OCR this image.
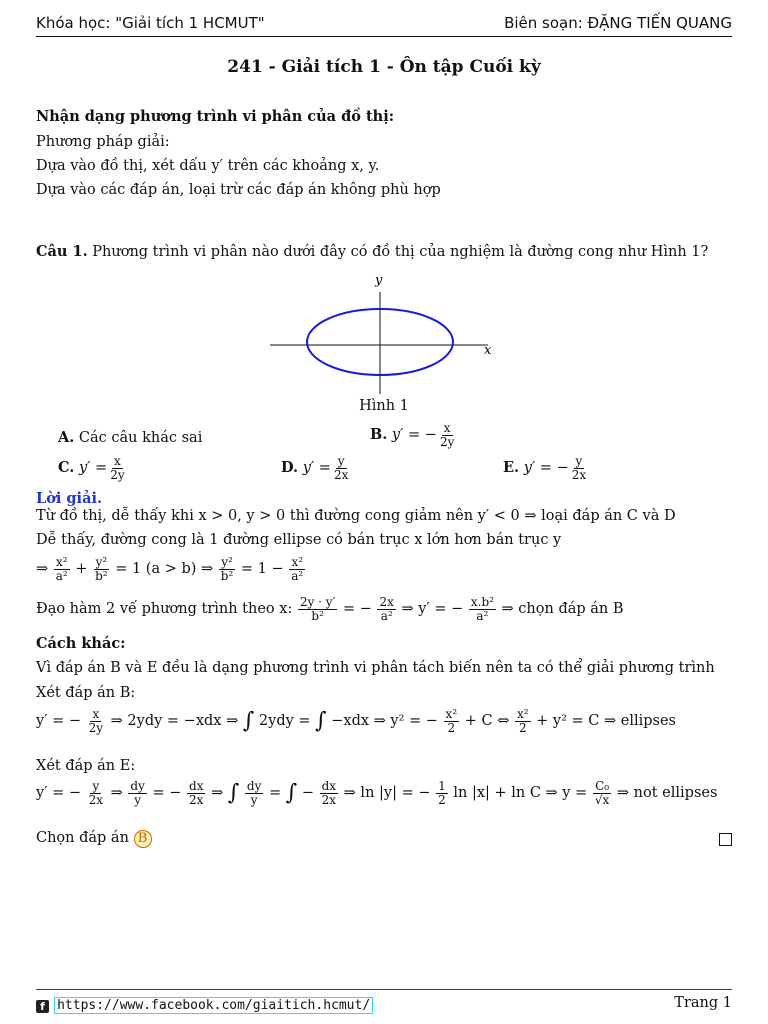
Khóa học: "Giải tích 1 HCMUT"	Biên soạn: ĐẶNG TIẾN QUANG
241 - Giải tích 1 - Ôn tập Cuối kỳ
Nhận dạng phương trình vi phân của đồ thị:
Phương pháp giải:
Dựa vào đồ thị, xét dấu y′ trên các khoảng x, y.
Dựa vào các đáp án, loại trừ các đáp án không phù hợp
Câu 1. Phương trình vi phân nào dưới đây có đồ thị của nghiệm là đường cong như Hình 1?
x
y
Hình 1
A. Các câu khác sai	B. y′ = − $\frac{x}{2y}$
C. $y' = \frac{x}{2y}$	D. $y' = \frac{y}{2x}$	E. y′ = − $\frac{y}{2x}$
Lời giải.
Từ đồ thị, dễ thấy khi x > 0, y > 0 thì đường cong giảm nên y′ < 0 ⇒ loại đáp án C và D
Dễ thấy, đường cong là 1 đường ellipse có bán trục x lớn hơn bán trục y
⇒ $\frac{\text{x²}}{\text{a²}} + \frac{\text{y²}}{\text{b²}} = 1$ (a > b) ⇒ $\frac{\text{y²}}{\text{b²}} = 1 - \frac{\text{x²}}{\text{a²}}$
Đạo hàm 2 vế phương trình theo x: $\frac{2y \cdot y'}{\text{b²}}$ = − $\frac{2x}{\text{a²}}$ ⇒ y′ = − $\frac{\text{x.b²}}{\text{a²}}$ ⇒ chọn đáp án B
Cách khác:
Vì đáp án B và E đều là dạng phương trình vi phân tách biến nên ta có thể giải phương trình
Xét đáp án B:
y′ = − $\frac{x}{2y}$ ⇒ 2ydy = −xdx ⇒ ∫ 2ydy = ∫ −xdx ⇒ y² = − $\frac{\text{x²}}{2} + C$ ⇔ $\frac{\text{x²}}{2} + y^2 = C$ ⇒ ellipses
Xét đáp án E:
y′ = − $\frac{y}{2x}$ ⇒ $\frac{dy}{y}$ = − $\frac{dx}{2x}$ ⇒ ∫ $\frac{dy}{y}$ = ∫ − $\frac{dx}{2x}$ ⇒ ln |y| = − $\frac{1}{2}$ ln |x| + ln C ⇒ $y = \frac{\text{C₀}}{√x}$ ⇒ not ellipses
Chọn đáp án B
f https://www.facebook.com/giaitich.hcmut/	Trang 1
